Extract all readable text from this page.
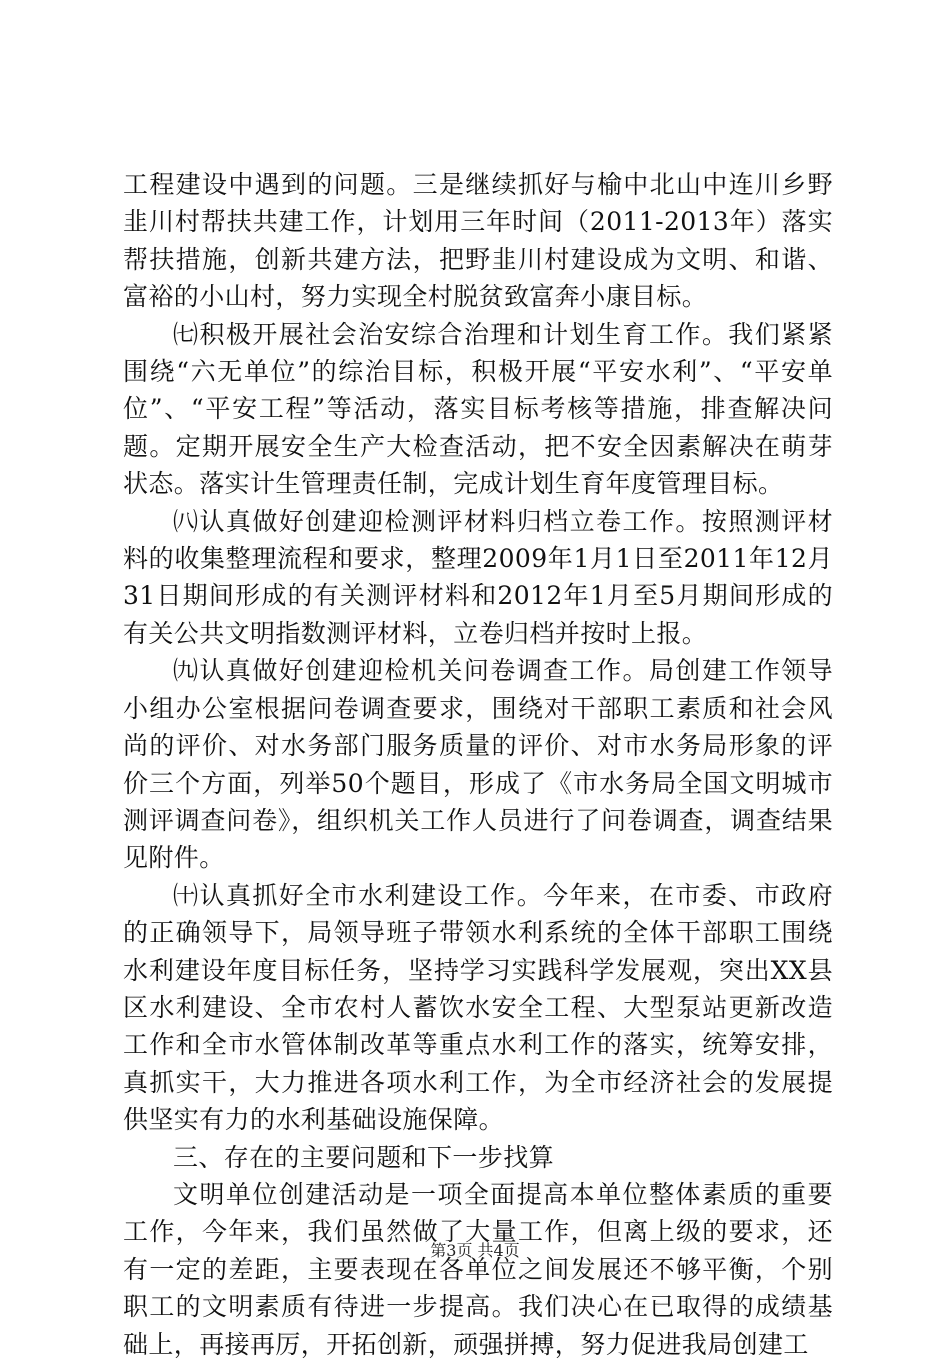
工程建设中遇到的问题。三是继续抓好与榆中北山中连川乡野韭川村帮扶共建工作，计划用三年时间（2011-2013年）落实帮扶措施，创新共建方法，把野韭川村建设成为文明、和谐、富裕的小山村，努力实现全村脱贫致富奔小康目标。

㈦积极开展社会治安综合治理和计划生育工作。我们紧紧围绕“六无单位”的综治目标，积极开展“平安水利”、“平安单位”、“平安工程”等活动，落实目标考核等措施，排查解决问题。定期开展安全生产大检查活动，把不安全因素解决在萌芽状态。落实计生管理责任制，完成计划生育年度管理目标。

㈧认真做好创建迎检测评材料归档立卷工作。按照测评材料的收集整理流程和要求，整理2009年1月1日至2011年12月31日期间形成的有关测评材料和2012年1月至5月期间形成的有关公共文明指数测评材料，立卷归档并按时上报。

㈨认真做好创建迎检机关问卷调查工作。局创建工作领导小组办公室根据问卷调查要求，围绕对干部职工素质和社会风尚的评价、对水务部门服务质量的评价、对市水务局形象的评价三个方面，列举50个题目，形成了《市水务局全国文明城市测评调查问卷》，组织机关工作人员进行了问卷调查，调查结果见附件。

㈩认真抓好全市水利建设工作。今年来，在市委、市政府的正确领导下，局领导班子带领水利系统的全体干部职工围绕水利建设年度目标任务，坚持学习实践科学发展观，突出XX县区水利建设、全市农村人蓄饮水安全工程、大型泵站更新改造工作和全市水管体制改革等重点水利工作的落实，统筹安排，真抓实干，大力推进各项水利工作，为全市经济社会的发展提供坚实有力的水利基础设施保障。

三、存在的主要问题和下一步找算

文明单位创建活动是一项全面提高本单位整体素质的重要工作，今年来，我们虽然做了大量工作，但离上级的要求，还有一定的差距，主要表现在各单位之间发展还不够平衡，个别职工的文明素质有待进一步提高。我们决心在已取得的成绩基础上，再接再厉，开拓创新，顽强拼搏，努力促进我局创建工

第3页 共4页
